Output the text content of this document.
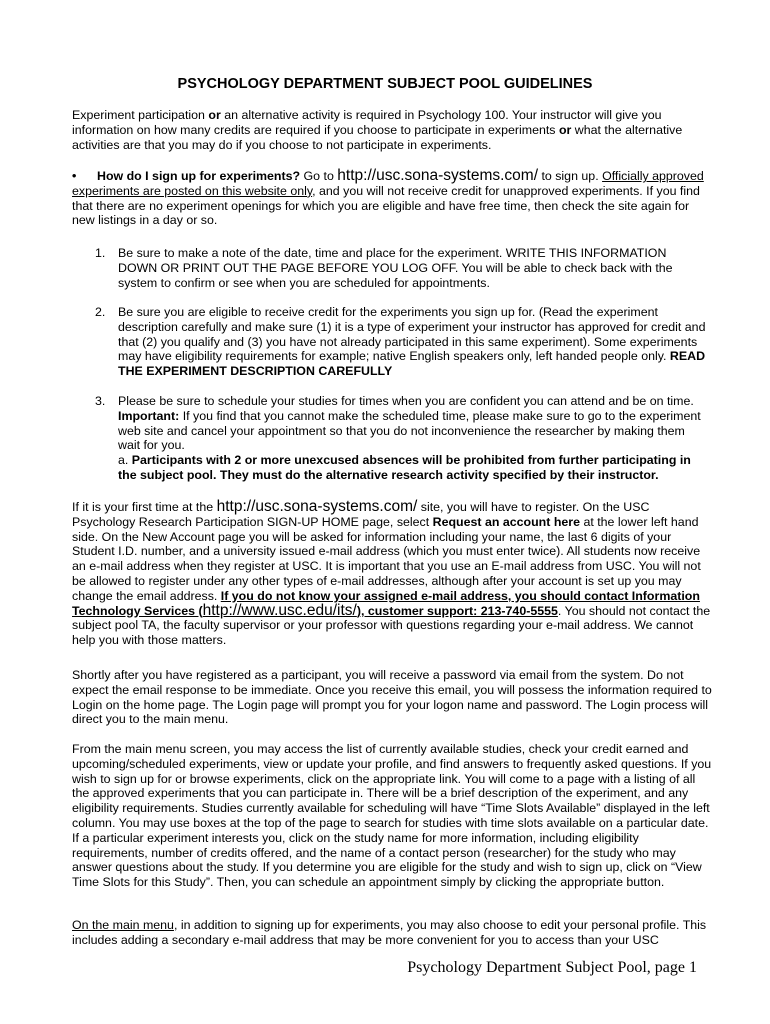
PSYCHOLOGY DEPARTMENT SUBJECT POOL GUIDELINES
Experiment participation or an alternative activity is required in Psychology 100. Your instructor will give you information on how many credits are required if you choose to participate in experiments or what the alternative activities are that you may do if you choose to not participate in experiments.
• How do I sign up for experiments? Go to http://usc.sona-systems.com/ to sign up. Officially approved experiments are posted on this website only, and you will not receive credit for unapproved experiments. If you find that there are no experiment openings for which you are eligible and have free time, then check the site again for new listings in a day or so.
1. Be sure to make a note of the date, time and place for the experiment. WRITE THIS INFORMATION DOWN OR PRINT OUT THE PAGE BEFORE YOU LOG OFF. You will be able to check back with the system to confirm or see when you are scheduled for appointments.
2. Be sure you are eligible to receive credit for the experiments you sign up for. (Read the experiment description carefully and make sure (1) it is a type of experiment your instructor has approved for credit and that (2) you qualify and (3) you have not already participated in this same experiment). Some experiments may have eligibility requirements for example; native English speakers only, left handed people only. READ THE EXPERIMENT DESCRIPTION CAREFULLY
3. Please be sure to schedule your studies for times when you are confident you can attend and be on time. Important: If you find that you cannot make the scheduled time, please make sure to go to the experiment web site and cancel your appointment so that you do not inconvenience the researcher by making them wait for you.
a. Participants with 2 or more unexcused absences will be prohibited from further participating in the subject pool. They must do the alternative research activity specified by their instructor.
If it is your first time at the http://usc.sona-systems.com/ site, you will have to register. On the USC Psychology Research Participation SIGN-UP HOME page, select Request an account here at the lower left hand side. On the New Account page you will be asked for information including your name, the last 6 digits of your Student I.D. number, and a university issued e-mail address (which you must enter twice). All students now receive an e-mail address when they register at USC. It is important that you use an E-mail address from USC. You will not be allowed to register under any other types of e-mail addresses, although after your account is set up you may change the email address. If you do not know your assigned e-mail address, you should contact Information Technology Services (http://www.usc.edu/its/), customer support: 213-740-5555. You should not contact the subject pool TA, the faculty supervisor or your professor with questions regarding your e-mail address. We cannot help you with those matters.
Shortly after you have registered as a participant, you will receive a password via email from the system. Do not expect the email response to be immediate. Once you receive this email, you will possess the information required to Login on the home page. The Login page will prompt you for your logon name and password. The Login process will direct you to the main menu.
From the main menu screen, you may access the list of currently available studies, check your credit earned and upcoming/scheduled experiments, view or update your profile, and find answers to frequently asked questions. If you wish to sign up for or browse experiments, click on the appropriate link. You will come to a page with a listing of all the approved experiments that you can participate in. There will be a brief description of the experiment, and any eligibility requirements. Studies currently available for scheduling will have “Time Slots Available” displayed in the left column. You may use boxes at the top of the page to search for studies with time slots available on a particular date. If a particular experiment interests you, click on the study name for more information, including eligibility requirements, number of credits offered, and the name of a contact person (researcher) for the study who may answer questions about the study. If you determine you are eligible for the study and wish to sign up, click on “View Time Slots for this Study”. Then, you can schedule an appointment simply by clicking the appropriate button.
On the main menu, in addition to signing up for experiments, you may also choose to edit your personal profile. This includes adding a secondary e-mail address that may be more convenient for you to access than your USC
Psychology Department Subject Pool, page 1
